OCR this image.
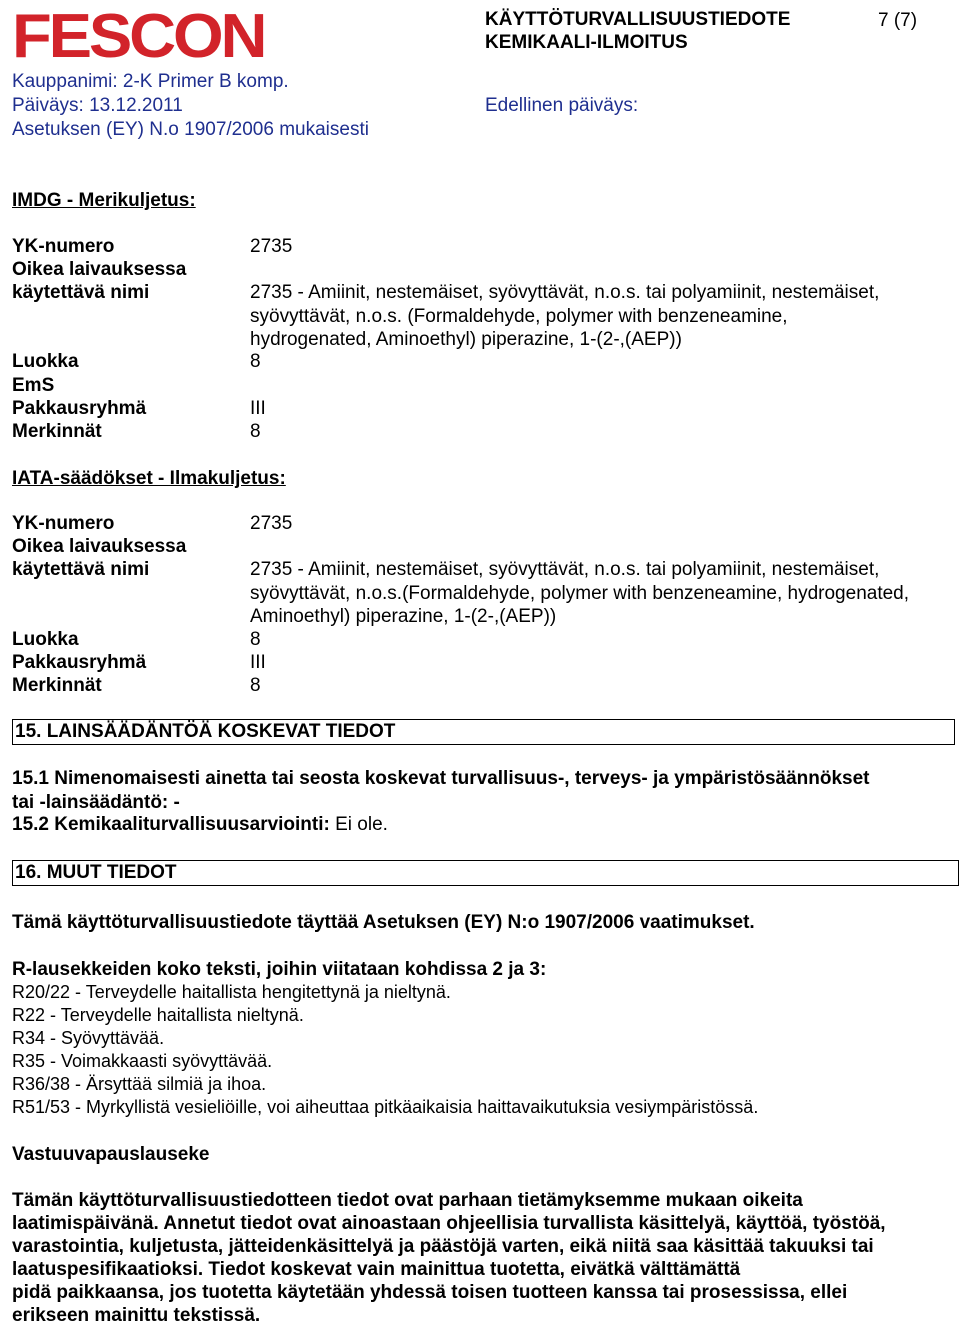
FESCON	KÄYTTÖTURVALLISUUSTIEDOTE
KEMIKAALI-ILMOITUS
7 (7)
Kauppanimi: 2-K Primer B komp.
Päiväys: 13.12.2011
Asetuksen (EY) N.o 1907/2006 mukaisesti
Edellinen päiväys:
IMDG - Merikuljetus:
YK-numero	2735
Oikea laivauksessa
käytettävä nimi	2735 - Amiinit, nestemäiset, syövyttävät, n.o.s. tai polyamiinit, nestemäiset,
syövyttävät, n.o.s. (Formaldehyde, polymer with benzeneamine,
hydrogenated, Aminoethyl) piperazine, 1-(2-,(AEP))
Luokka	8
EmS
Pakkausryhmä	III
Merkinnät	8
IATA-säädökset - Ilmakuljetus:
YK-numero	2735
Oikea laivauksessa
käytettävä nimi	2735 - Amiinit, nestemäiset, syövyttävät, n.o.s. tai polyamiinit, nestemäiset,
syövyttävät, n.o.s.(Formaldehyde, polymer with benzeneamine, hydrogenated,
Aminoethyl) piperazine, 1-(2-,(AEP))
Luokka	8
Pakkausryhmä	III
Merkinnät	8
15. LAINSÄÄDÄNTÖÄ KOSKEVAT TIEDOT
15.1 Nimenomaisesti ainetta tai seosta koskevat turvallisuus-, terveys- ja ympäristösäännökset
tai -lainsäädäntö: -
15.2 Kemikaaliturvallisuusarviointi: Ei ole.
16. MUUT TIEDOT
Tämä käyttöturvallisuustiedote täyttää Asetuksen (EY) N:o 1907/2006 vaatimukset.
R-lausekkeiden koko teksti, joihin viitataan kohdissa 2 ja 3:
R20/22 - Terveydelle haitallista hengitettynä ja nieltynä.
R22 - Terveydelle haitallista nieltynä.
R34 - Syövyttävää.
R35 - Voimakkaasti syövyttävää.
R36/38 - Ärsyttää silmiä ja ihoa.
R51/53 - Myrkyllistä vesieliöille, voi aiheuttaa pitkäaikaisia haittavaikutuksia vesiympäristössä.
Vastuuvapauslauseke
Tämän käyttöturvallisuustiedotteen tiedot ovat parhaan tietämyksemme mukaan oikeita
laatimispäivänä. Annetut tiedot ovat ainoastaan ohjeellisia turvallista käsittelyä, käyttöä, työstöä,
varastointia, kuljetusta, jätteidenkäsittelyä ja päästöjä varten, eikä niitä saa käsittää takuuksi tai
laatuspesifikaatioksi. Tiedot koskevat vain mainittua tuotetta, eivätkä välttämättä
pidä paikkaansa, jos tuotetta käytetään yhdessä toisen tuotteen kanssa tai prosessissa, ellei
erikseen mainittu tekstissä.
